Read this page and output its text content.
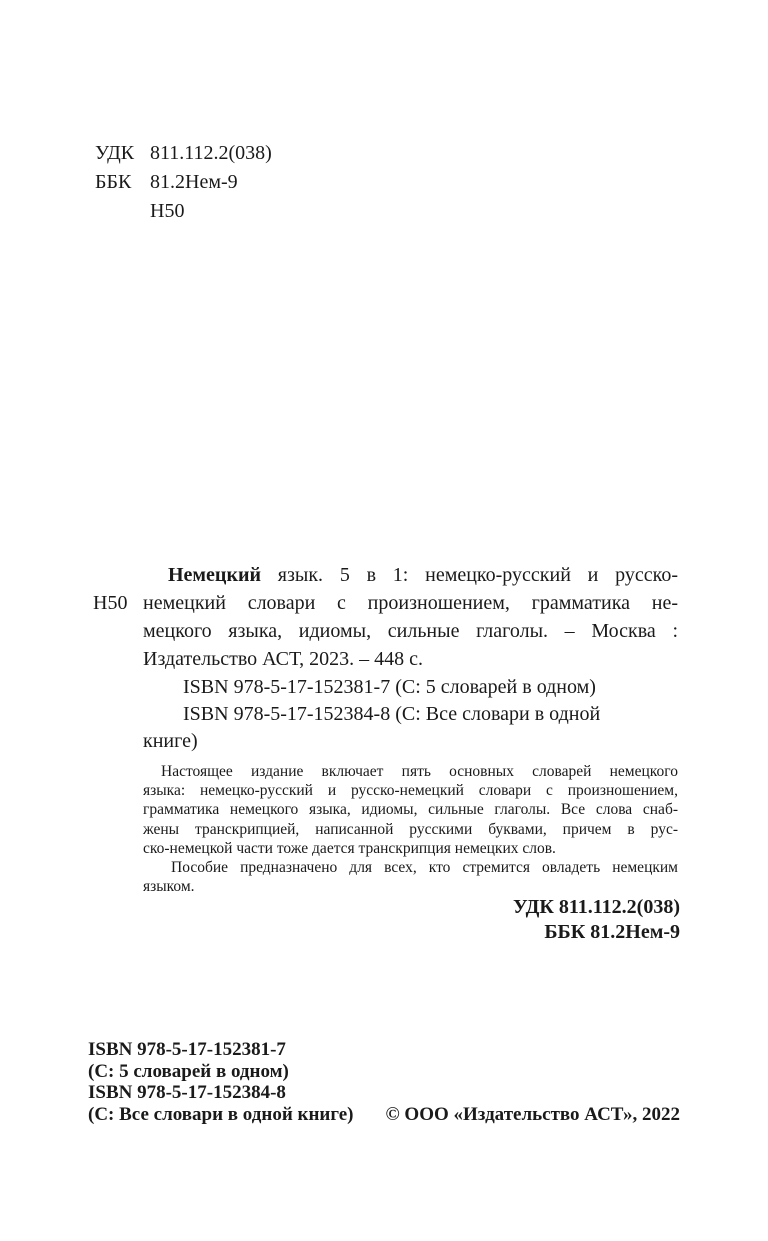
УДК 811.112.2(038)
ББК 81.2Нем-9
Н50
Н50
Немецкий язык. 5 в 1: немецко-русский и русско-
немецкий словари с произношением, грамматика не-
мецкого языка, идиомы, сильные глаголы. – Москва :
Издательство АСТ, 2023. – 448 с.
ISBN 978-5-17-152381-7 (С: 5 словарей в одном)
ISBN 978-5-17-152384-8 (С: Все словари в одной
книге)
Настоящее издание включает пять основных словарей немецкого
языка: немецко-русский и русско-немецкий словари с произношением,
грамматика немецкого языка, идиомы, сильные глаголы. Все слова снаб-
жены транскрипцией, написанной русскими буквами, причем в рус-
ско-немецкой части тоже дается транскрипция немецких слов.
Пособие предназначено для всех, кто стремится овладеть немецким
языком.
УДК 811.112.2(038)
ББК 81.2Нем-9
ISBN 978-5-17-152381-7
(С: 5 словарей в одном)
ISBN 978-5-17-152384-8
(С: Все словари в одной книге) © ООО «Издательство АСТ», 2022
